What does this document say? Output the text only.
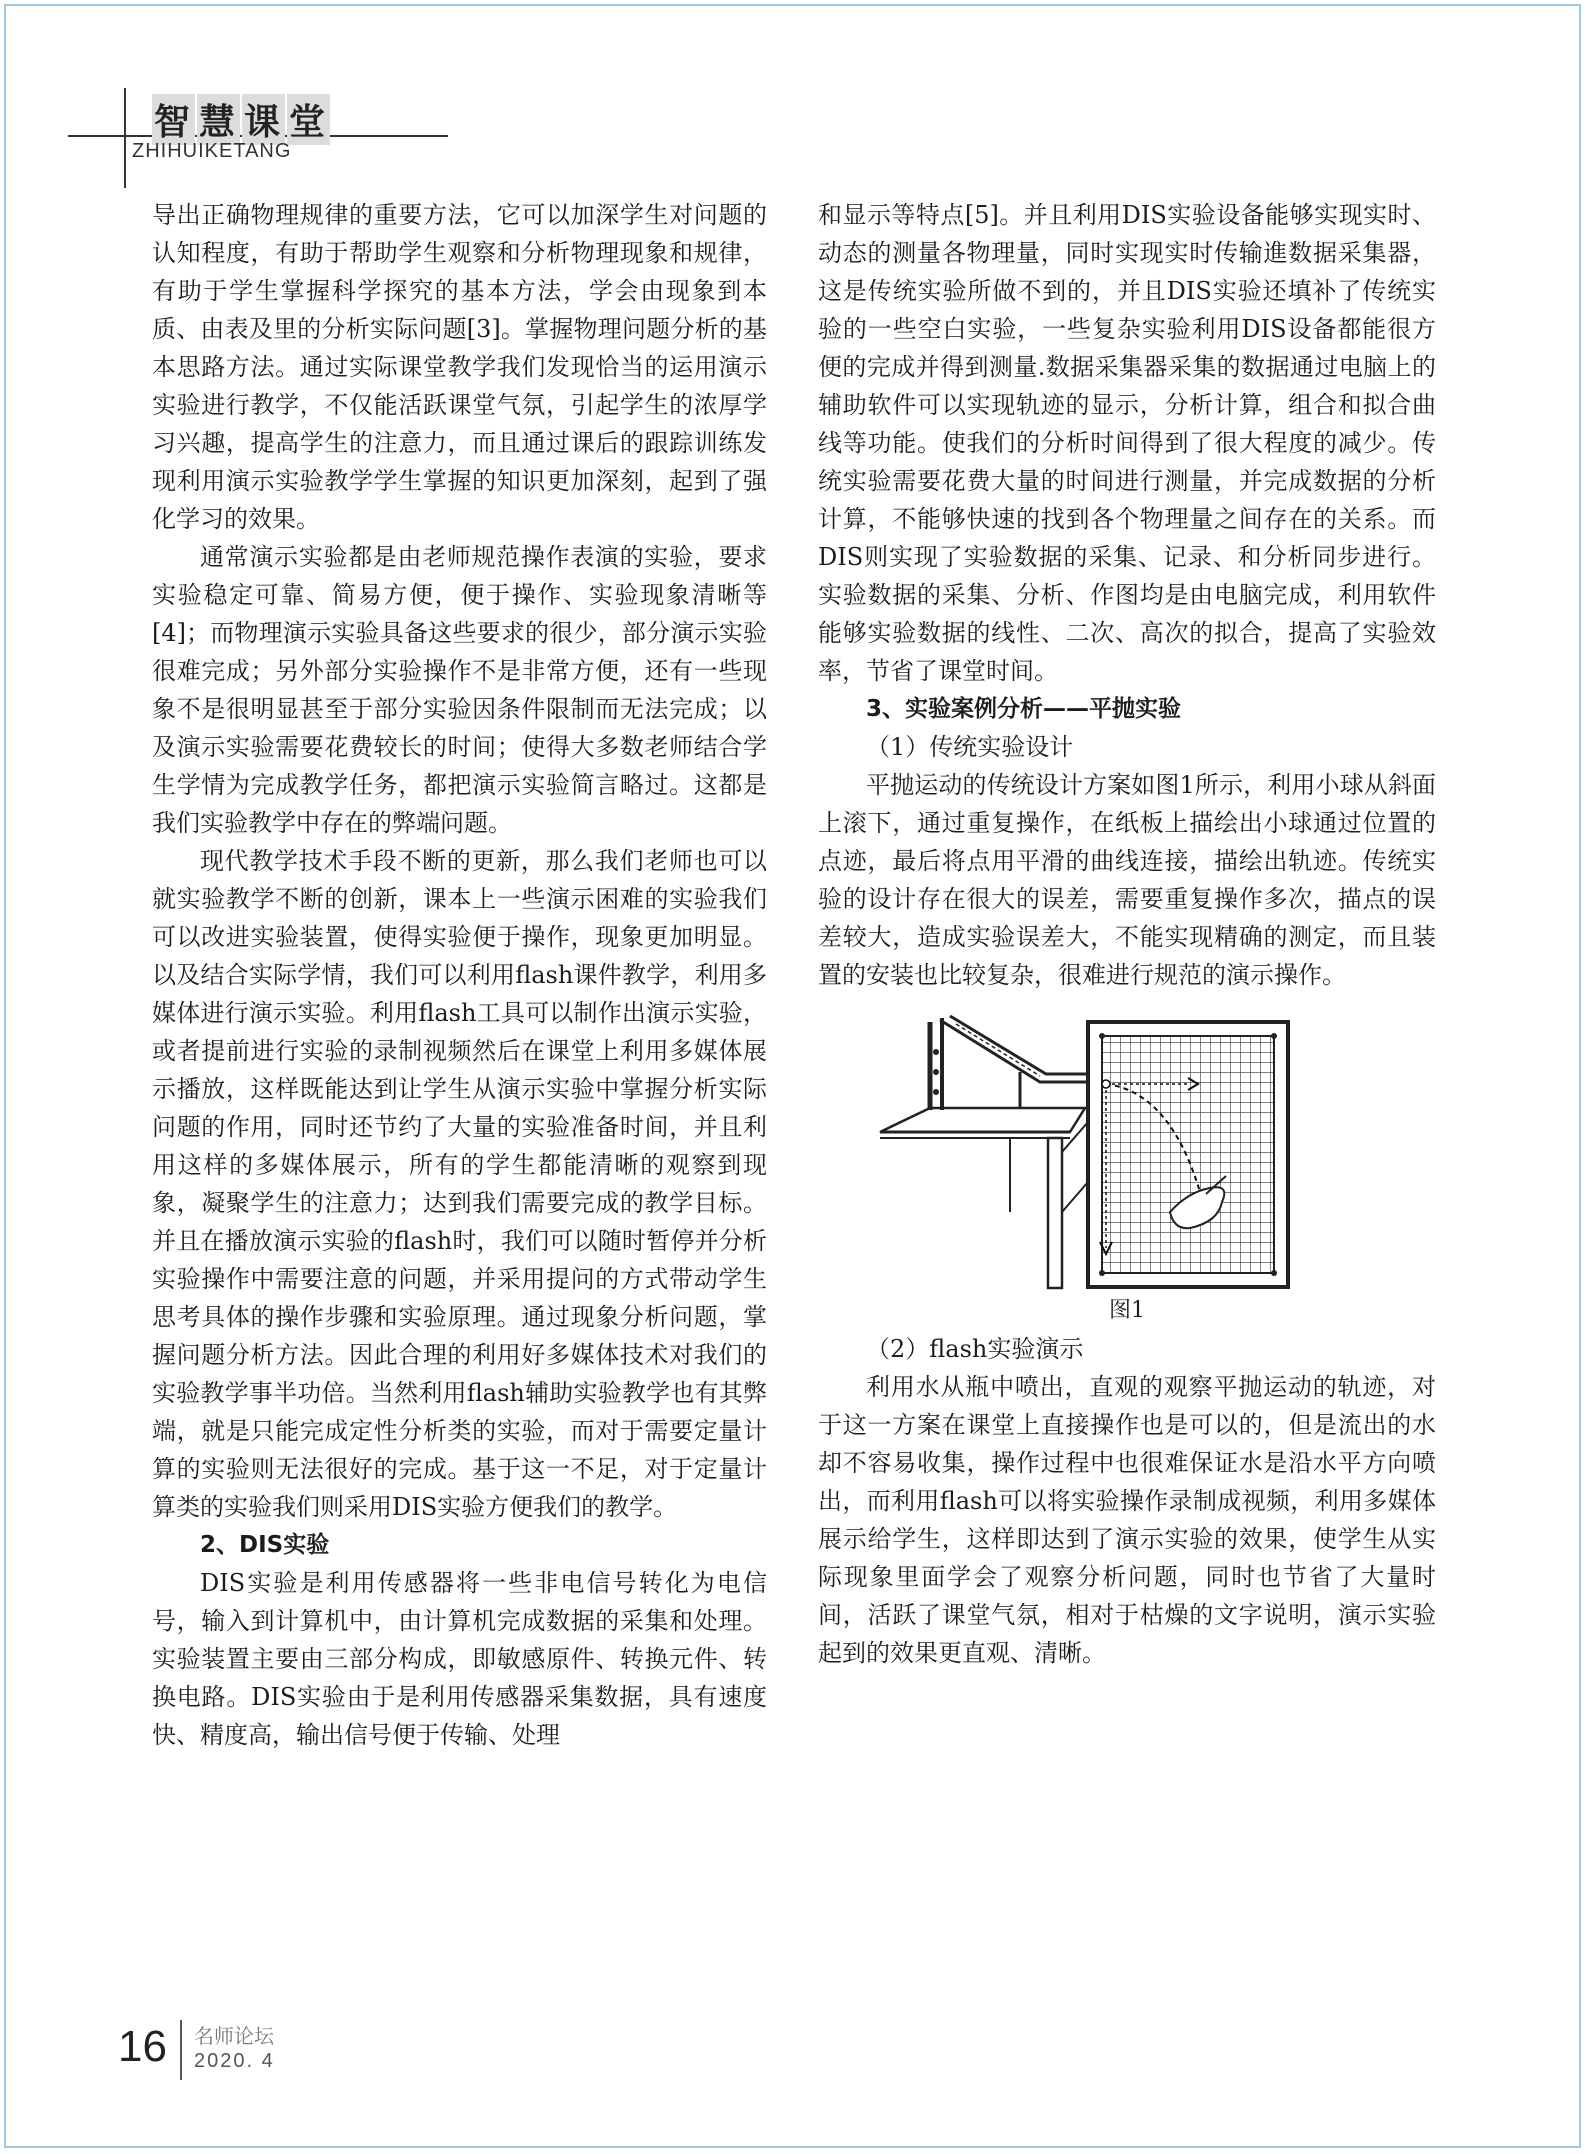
智 慧 课 堂
ZHIHUIKETANG

导出正确物理规律的重要方法，它可以加深学生对问题的认知程度，有助于帮助学生观察和分析物理现象和规律，有助于学生掌握科学探究的基本方法，学会由现象到本质、由表及里的分析实际问题[3]。掌握物理问题分析的基本思路方法。通过实际课堂教学我们发现恰当的运用演示实验进行教学，不仅能活跃课堂气氛，引起学生的浓厚学习兴趣，提高学生的注意力，而且通过课后的跟踪训练发现利用演示实验教学学生掌握的知识更加深刻，起到了强化学习的效果。

通常演示实验都是由老师规范操作表演的实验，要求实验稳定可靠、简易方便，便于操作、实验现象清晰等[4]；而物理演示实验具备这些要求的很少，部分演示实验很难完成；另外部分实验操作不是非常方便，还有一些现象不是很明显甚至于部分实验因条件限制而无法完成；以及演示实验需要花费较长的时间；使得大多数老师结合学生学情为完成教学任务，都把演示实验简言略过。这都是我们实验教学中存在的弊端问题。

现代教学技术手段不断的更新，那么我们老师也可以就实验教学不断的创新，课本上一些演示困难的实验我们可以改进实验装置，使得实验便于操作，现象更加明显。以及结合实际学情，我们可以利用flash课件教学，利用多媒体进行演示实验。利用flash工具可以制作出演示实验，或者提前进行实验的录制视频然后在课堂上利用多媒体展示播放，这样既能达到让学生从演示实验中掌握分析实际问题的作用，同时还节约了大量的实验准备时间，并且利用这样的多媒体展示，所有的学生都能清晰的观察到现象，凝聚学生的注意力；达到我们需要完成的教学目标。并且在播放演示实验的flash时，我们可以随时暂停并分析实验操作中需要注意的问题，并采用提问的方式带动学生思考具体的操作步骤和实验原理。通过现象分析问题，掌握问题分析方法。因此合理的利用好多媒体技术对我们的实验教学事半功倍。当然利用flash辅助实验教学也有其弊端，就是只能完成定性分析类的实验，而对于需要定量计算的实验则无法很好的完成。基于这一不足，对于定量计算类的实验我们则采用DIS实验方便我们的教学。

2、DIS实验

DIS实验是利用传感器将一些非电信号转化为电信号，输入到计算机中，由计算机完成数据的采集和处理。实验装置主要由三部分构成，即敏感原件、转换元件、转换电路。DIS实验由于是利用传感器采集数据，具有速度快、精度高，输出信号便于传输、处理

和显示等特点[5]。并且利用DIS实验设备能够实现实时、动态的测量各物理量，同时实现实时传输進数据采集器，这是传统实验所做不到的，并且DIS实验还填补了传统实验的一些空白实验，一些复杂实验利用DIS设备都能很方便的完成并得到测量.数据采集器采集的数据通过电脑上的辅助软件可以实现轨迹的显示，分析计算，组合和拟合曲线等功能。使我们的分析时间得到了很大程度的减少。传统实验需要花费大量的时间进行测量，并完成数据的分析计算，不能够快速的找到各个物理量之间存在的关系。而DIS则实现了实验数据的采集、记录、和分析同步进行。实验数据的采集、分析、作图均是由电脑完成，利用软件能够实验数据的线性、二次、高次的拟合，提高了实验效率，节省了课堂时间。

3、实验案例分析——平抛实验

（1）传统实验设计

平抛运动的传统设计方案如图1所示，利用小球从斜面上滚下，通过重复操作，在纸板上描绘出小球通过位置的点迹，最后将点用平滑的曲线连接，描绘出轨迹。传统实验的设计存在很大的误差，需要重复操作多次，描点的误差较大，造成实验误差大，不能实现精确的测定，而且装置的安装也比较复杂，很难进行规范的演示操作。

图1

（2）flash实验演示

利用水从瓶中喷出，直观的观察平抛运动的轨迹，对于这一方案在课堂上直接操作也是可以的，但是流出的水却不容易收集，操作过程中也很难保证水是沿水平方向喷出，而利用flash可以将实验操作录制成视频，利用多媒体展示给学生，这样即达到了演示实验的效果，使学生从实际现象里面学会了观察分析问题，同时也节省了大量时间，活跃了课堂气氛，相对于枯燥的文字说明，演示实验起到的效果更直观、清晰。

16 名师论坛
2020. 4
